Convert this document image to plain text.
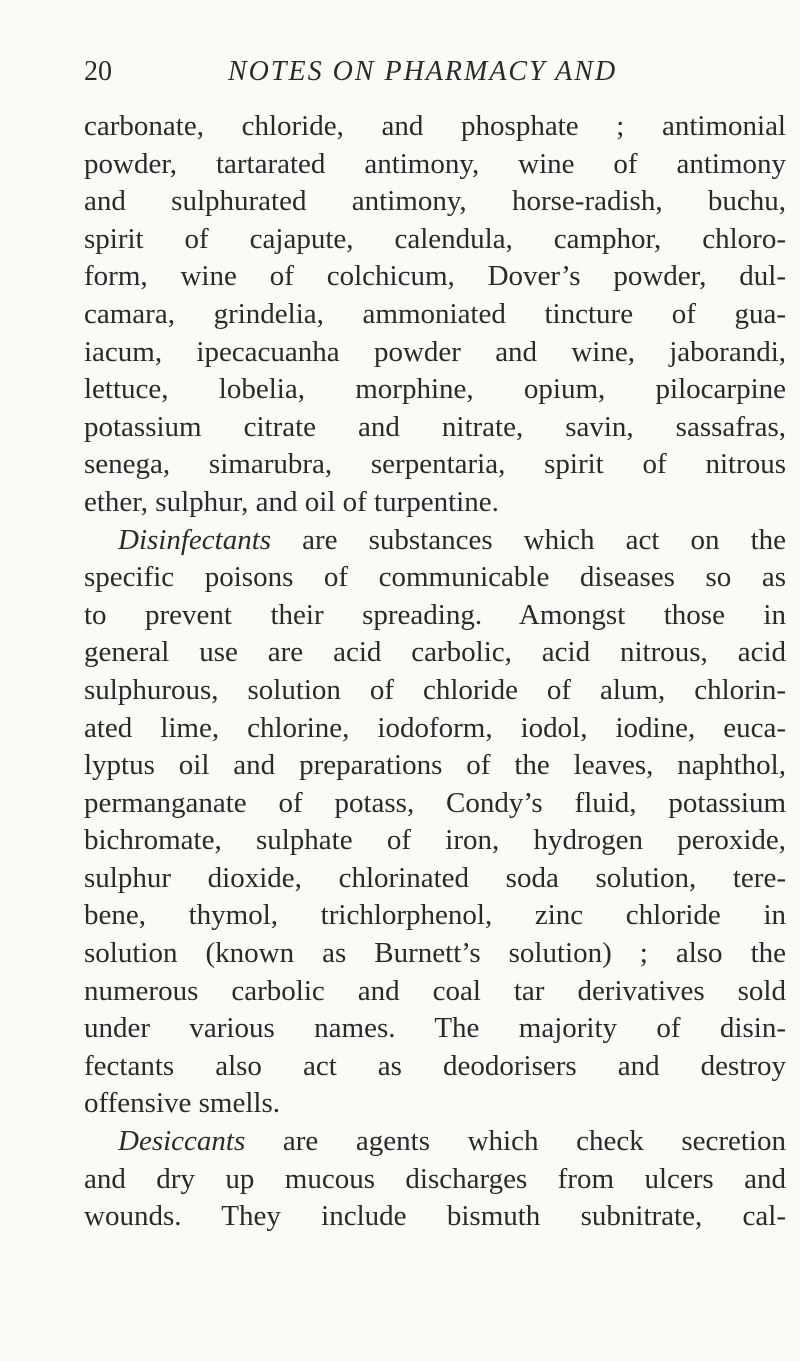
20	NOTES ON PHARMACY AND
carbonate, chloride, and phosphate ; antimonial
powder, tartarated antimony, wine of antimony
and sulphurated antimony, horse-radish, buchu,
spirit of cajapute, calendula, camphor, chloro-
form, wine of colchicum, Dover’s powder, dul-
camara, grindelia, ammoniated tincture of gua-
iacum, ipecacuanha powder and wine, jaborandi,
lettuce, lobelia, morphine, opium, pilocarpine
potassium citrate and nitrate, savin, sassafras,
senega, simarubra, serpentaria, spirit of nitrous
ether, sulphur, and oil of turpentine.
Disinfectants are substances which act on the
specific poisons of communicable diseases so as
to prevent their spreading. Amongst those in
general use are acid carbolic, acid nitrous, acid
sulphurous, solution of chloride of alum, chlorin-
ated lime, chlorine, iodoform, iodol, iodine, euca-
lyptus oil and preparations of the leaves, naphthol,
permanganate of potass, Condy’s fluid, potassium
bichromate, sulphate of iron, hydrogen peroxide,
sulphur dioxide, chlorinated soda solution, tere-
bene, thymol, trichlorphenol, zinc chloride in
solution (known as Burnett’s solution) ; also the
numerous carbolic and coal tar derivatives sold
under various names. The majority of disin-
fectants also act as deodorisers and destroy
offensive smells.
Desiccants are agents which check secretion
and dry up mucous discharges from ulcers and
wounds. They include bismuth subnitrate, cal-
